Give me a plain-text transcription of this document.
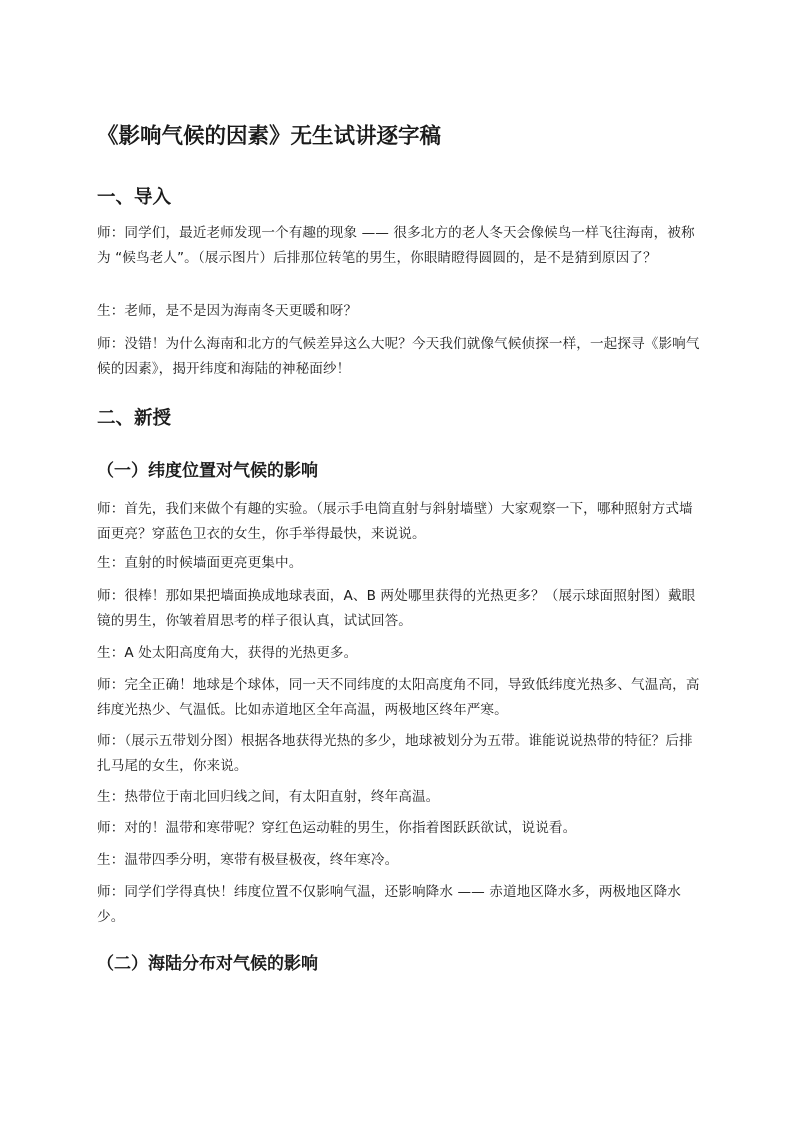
《影响气候的因素》无生试讲逐字稿
一、导入

师：同学们，最近老师发现一个有趣的现象 —— 很多北方的老人冬天会像候鸟一样飞往海南，被称为 “候鸟老人”。（展示图片）后排那位转笔的男生，你眼睛瞪得圆圆的，是不是猜到原因了？

生：老师，是不是因为海南冬天更暖和呀？

师：没错！为什么海南和北方的气候差异这么大呢？今天我们就像气候侦探一样，一起探寻《影响气候的因素》，揭开纬度和海陆的神秘面纱！

二、新授
（一）纬度位置对气候的影响

师：首先，我们来做个有趣的实验。（展示手电筒直射与斜射墙壁）大家观察一下，哪种照射方式墙面更亮？穿蓝色卫衣的女生，你手举得最快，来说说。

生：直射的时候墙面更亮更集中。

师：很棒！那如果把墙面换成地球表面，A、B 两处哪里获得的光热更多？（展示球面照射图）戴眼镜的男生，你皱着眉思考的样子很认真，试试回答。

生：A 处太阳高度角大，获得的光热更多。

师：完全正确！地球是个球体，同一天不同纬度的太阳高度角不同，导致低纬度光热多、气温高，高纬度光热少、气温低。比如赤道地区全年高温，两极地区终年严寒。

师：（展示五带划分图）根据各地获得光热的多少，地球被划分为五带。谁能说说热带的特征？后排扎马尾的女生，你来说。

生：热带位于南北回归线之间，有太阳直射，终年高温。

师：对的！温带和寒带呢？穿红色运动鞋的男生，你指着图跃跃欲试，说说看。

生：温带四季分明，寒带有极昼极夜，终年寒冷。

师：同学们学得真快！纬度位置不仅影响气温，还影响降水 —— 赤道地区降水多，两极地区降水少。

（二）海陆分布对气候的影响
